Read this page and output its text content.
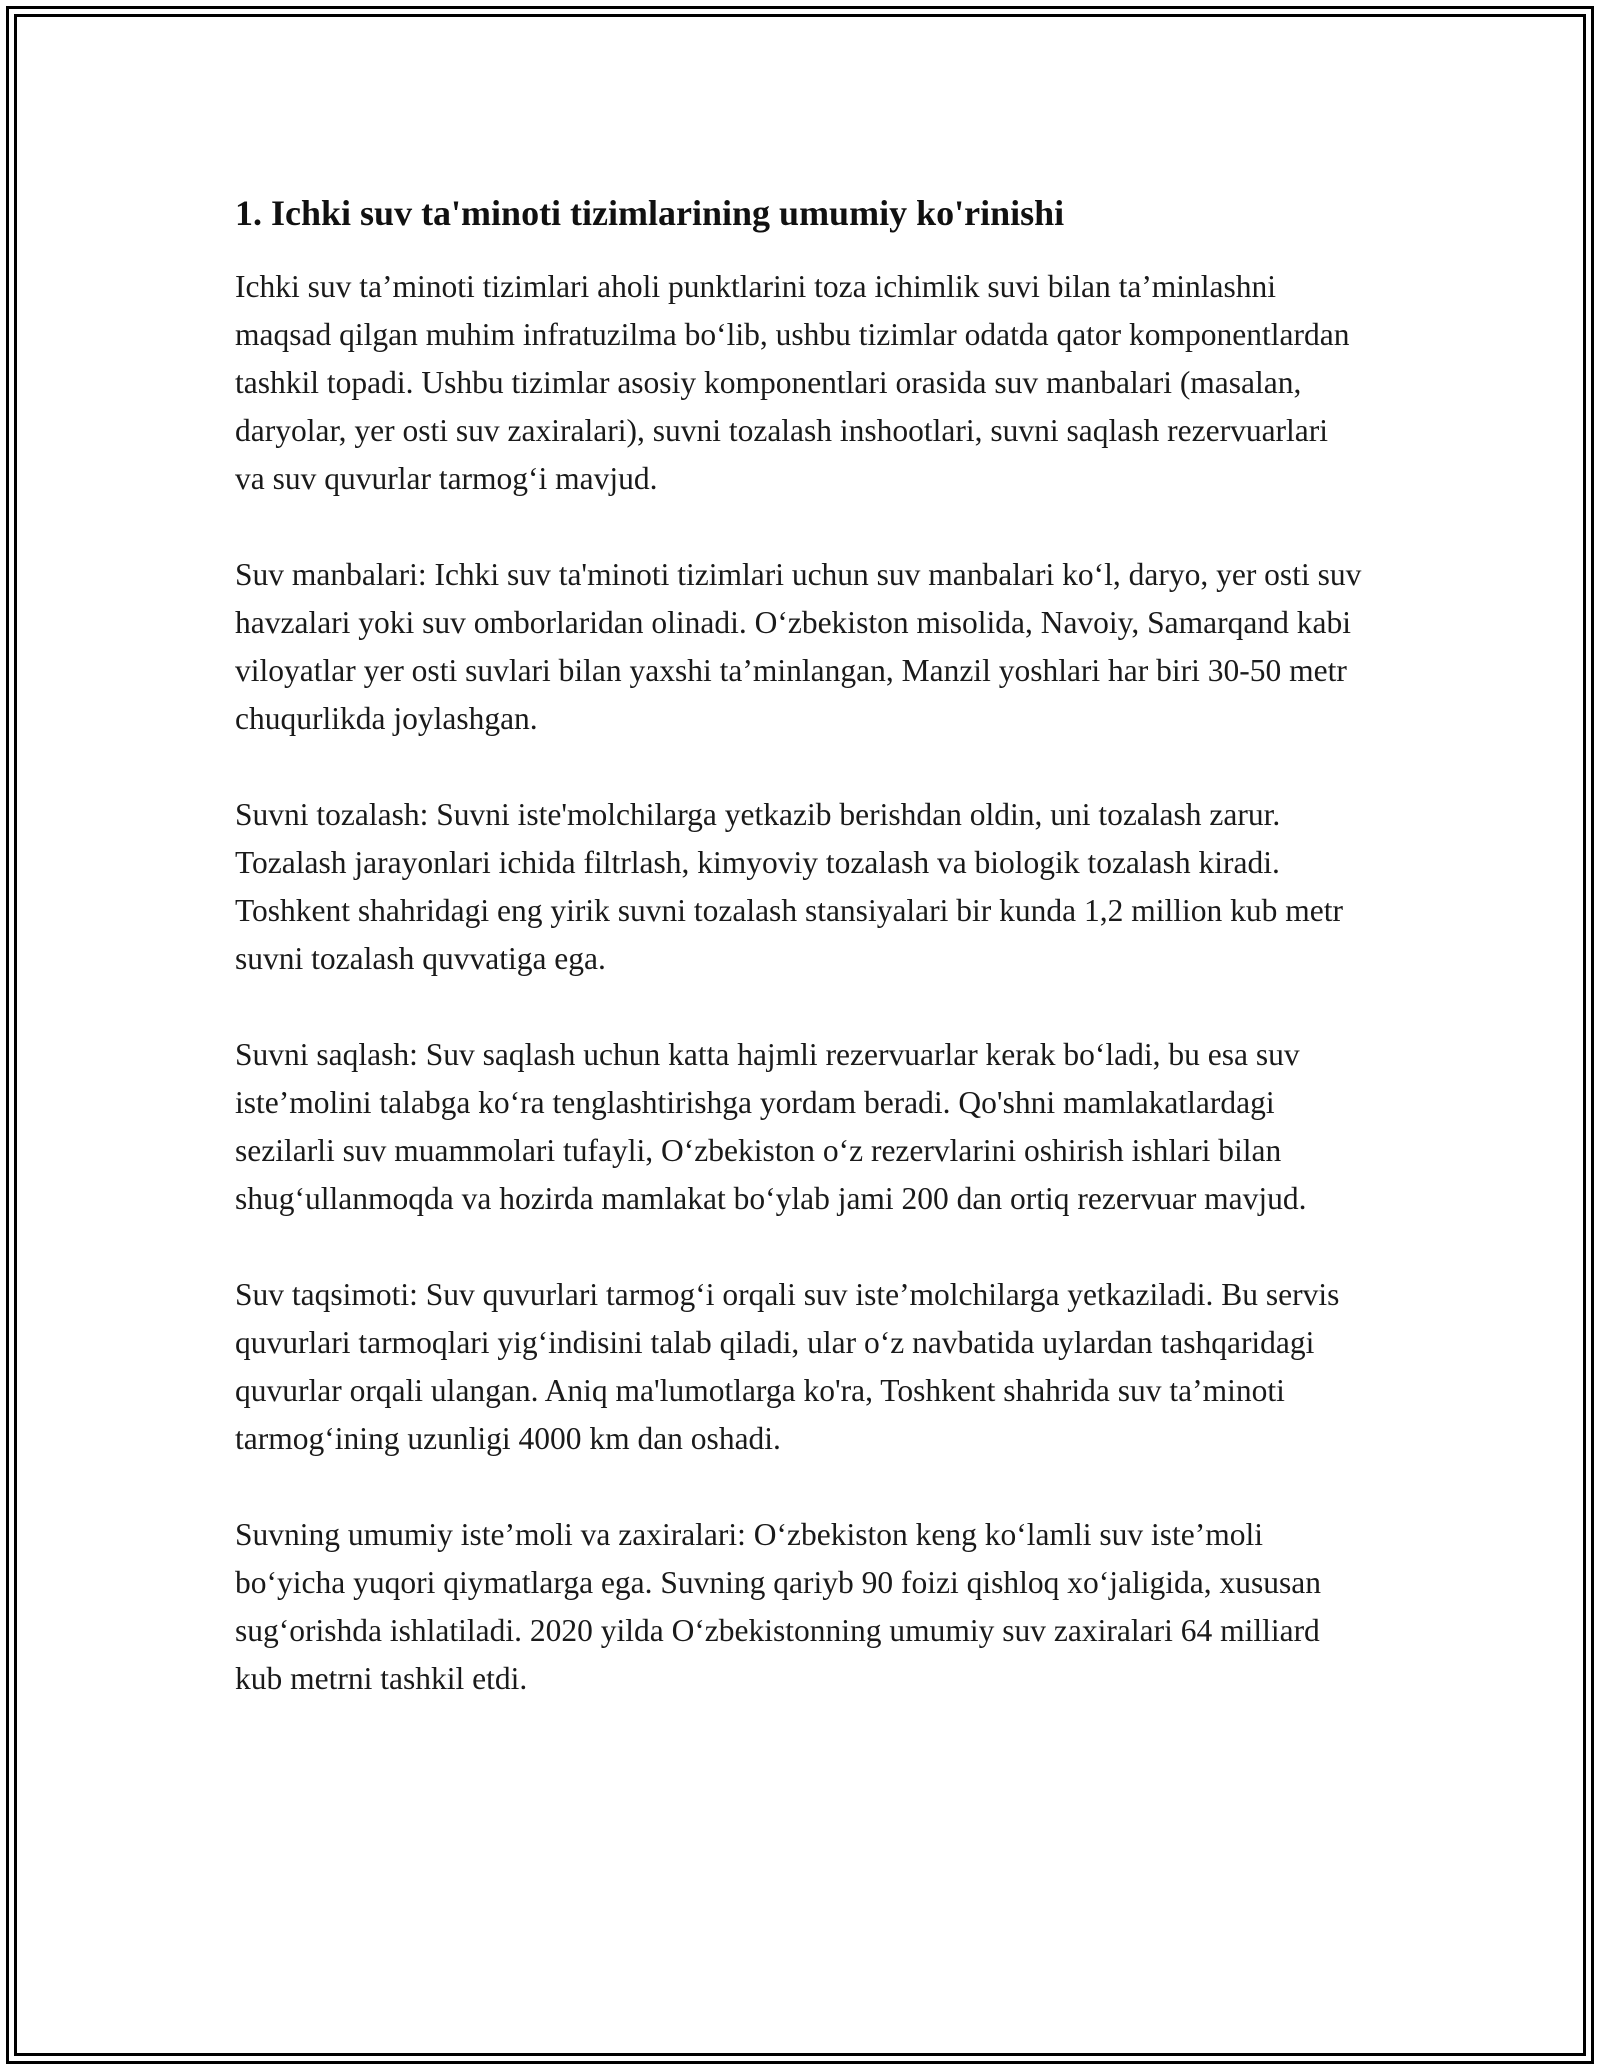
1. Ichki suv ta'minoti tizimlarining umumiy ko'rinishi

Ichki suv ta’minoti tizimlari aholi punktlarini toza ichimlik suvi bilan ta’minlashni maqsad qilgan muhim infratuzilma bo‘lib, ushbu tizimlar odatda qator komponentlardan tashkil topadi. Ushbu tizimlar asosiy komponentlari orasida suv manbalari (masalan, daryolar, yer osti suv zaxiralari), suvni tozalash inshootlari, suvni saqlash rezervuarlari va suv quvurlar tarmog‘i mavjud.

Suv manbalari: Ichki suv ta'minoti tizimlari uchun suv manbalari ko‘l, daryo, yer osti suv havzalari yoki suv omborlaridan olinadi. O‘zbekiston misolida, Navoiy, Samarqand kabi viloyatlar yer osti suvlari bilan yaxshi ta’minlangan, Manzil yoshlari har biri 30-50 metr chuqurlikda joylashgan.

Suvni tozalash: Suvni iste'molchilarga yetkazib berishdan oldin, uni tozalash zarur. Tozalash jarayonlari ichida filtrlash, kimyoviy tozalash va biologik tozalash kiradi. Toshkent shahridagi eng yirik suvni tozalash stansiyalari bir kunda 1,2 million kub metr suvni tozalash quvvatiga ega.

Suvni saqlash: Suv saqlash uchun katta hajmli rezervuarlar kerak bo‘ladi, bu esa suv iste’molini talabga ko‘ra tenglashtirishga yordam beradi. Qo'shni mamlakatlardagi sezilarli suv muammolari tufayli, O‘zbekiston o‘z rezervlarini oshirish ishlari bilan shug‘ullanmoqda va hozirda mamlakat bo‘ylab jami 200 dan ortiq rezervuar mavjud.

Suv taqsimoti: Suv quvurlari tarmog‘i orqali suv iste’molchilarga yetkaziladi. Bu servis quvurlari tarmoqlari yig‘indisini talab qiladi, ular o‘z navbatida uylardan tashqaridagi quvurlar orqali ulangan. Aniq ma'lumotlarga ko'ra, Toshkent shahrida suv ta’minoti tarmog‘ining uzunligi 4000 km dan oshadi.

Suvning umumiy iste’moli va zaxiralari: O‘zbekiston keng ko‘lamli suv iste’moli bo‘yicha yuqori qiymatlarga ega. Suvning qariyb 90 foizi qishloq xo‘jaligida, xususan sug‘orishda ishlatiladi. 2020 yilda O‘zbekistonning umumiy suv zaxiralari 64 milliard kub metrni tashkil etdi.
